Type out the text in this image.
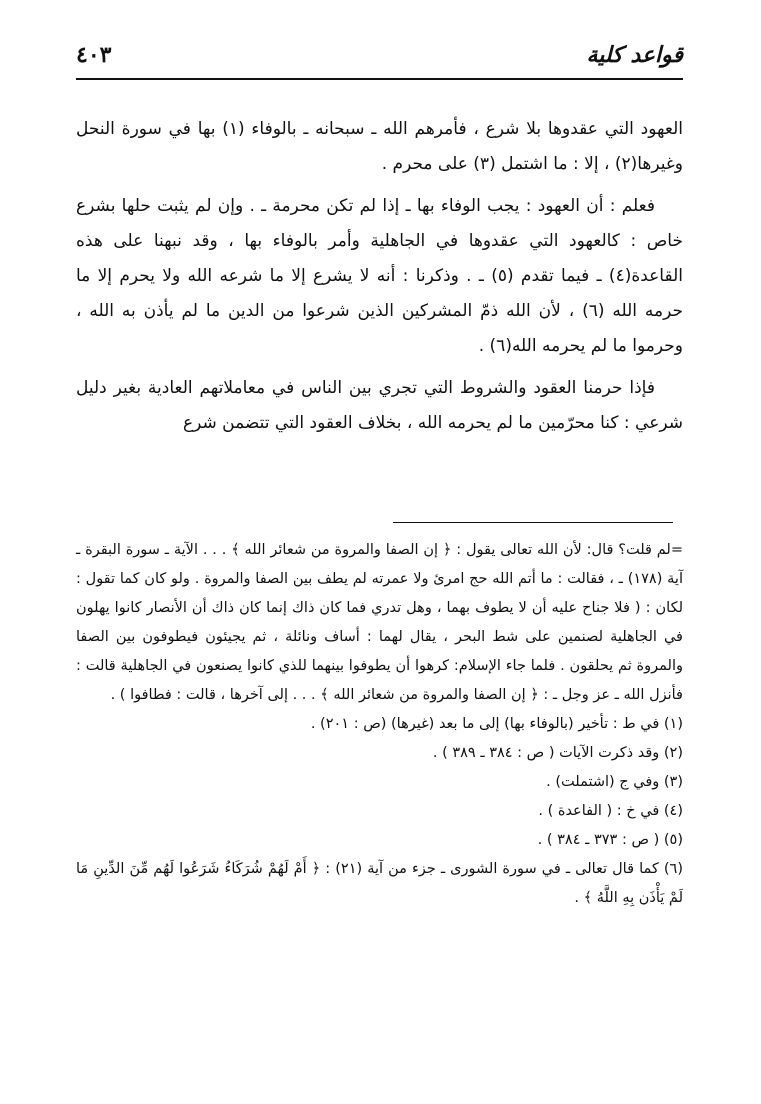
قواعد كلية
٤٠٣

العهود التي عقدوها بلا شرع ، فأمرهم الله ـ سبحانه ـ بالوفاء (١) بها في سورة النحل وغيرها(٢) ، إلا : ما اشتمل (٣) على محرم .

فعلم : أن العهود : يجب الوفاء بها ـ إذا لم تكن محرمة ـ . وإن لم يثبت حلها بشرع خاص : كالعهود التي عقدوها في الجاهلية وأمر بالوفاء بها ، وقد نبهنا على هذه القاعدة(٤) ـ فيما تقدم (٥) ـ . وذكرنا : أنه لا يشرع إلا ما شرعه الله ولا يحرم إلا ما حرمه الله (٦) ، لأن الله ذمّ المشركين الذين شرعوا من الدين ما لم يأذن به الله ، وحرموا ما لم يحرمه الله(٦) .

فإذا حرمنا العقود والشروط التي تجري بين الناس في معاملاتهم العادية بغير دليل شرعي : كنا محرّمين ما لم يحرمه الله ، بخلاف العقود التي تتضمن شرع

=لم قلت؟ قال: لأن الله تعالى يقول : ﴿ إن الصفا والمروة من شعائر الله ﴾ . . . الآية ـ سورة البقرة ـ آية (١٧٨) ـ ، فقالت : ما أتم الله حج امرئ ولا عمرته لم يطف بين الصفا والمروة . ولو كان كما تقول : لكان : ( فلا جناح عليه أن لا يطوف بهما ، وهل تدري فما كان ذاك إنما كان ذاك أن الأنصار كانوا يهلون في الجاهلية لصنمين على شط البحر ، يقال لهما : أساف ونائلة ، ثم يجيئون فيطوفون بين الصفا والمروة ثم يحلقون . فلما جاء الإسلام: كرهوا أن يطوفوا بينهما للذي كانوا يصنعون في الجاهلية قالت : فأنزل الله ـ عز وجل ـ : ﴿ إن الصفا والمروة من شعائر الله ﴾ . . . إلى آخرها ، قالت : فطافوا ) .

(١) في ط : تأخير (بالوفاء بها) إلى ما بعد (غيرها) (ص : ٢٠١) .

(٢) وقد ذكرت الآيات ( ص : ٣٨٤ ـ ٣٨٩ ) .

(٣) وفي ج (اشتملت) .

(٤) في خ : ( الفاعدة ) .

(٥) ( ص : ٣٧٣ ـ ٣٨٤ ) .

(٦) كما قال تعالى ـ في سورة الشورى ـ جزء من آية (٢١) : ﴿ أَمْ لَهُمْ شُرَكَاءُ شَرَعُوا لَهُم مِّنَ الدِّينِ مَا لَمْ يَأْذَن بِهِ اللَّهُ ﴾ .
